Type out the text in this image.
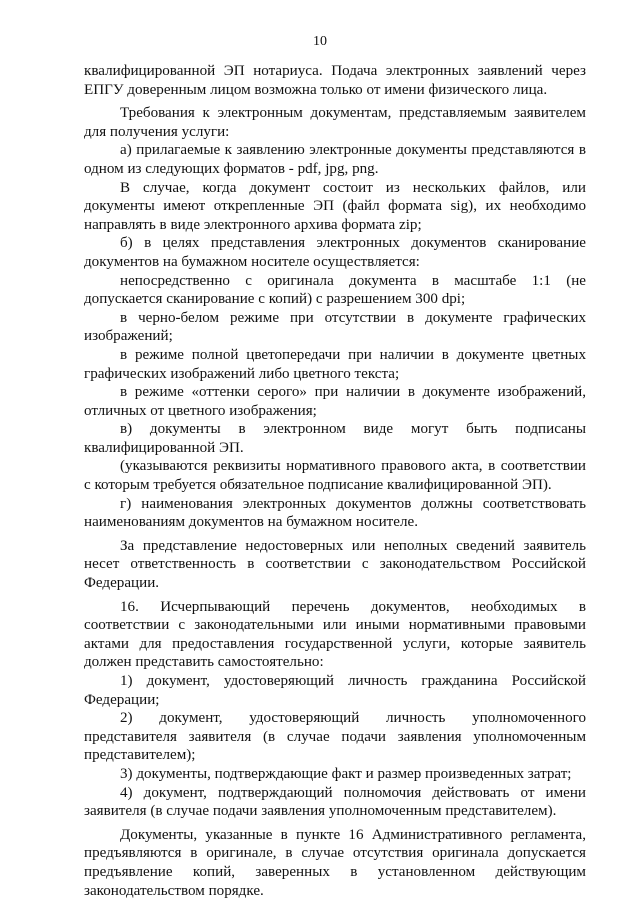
10

квалифицированной ЭП нотариуса. Подача электронных заявлений через ЕПГУ доверенным лицом возможна только от имени физического лица.

Требования к электронным документам, представляемым заявителем для получения услуги:

а) прилагаемые к заявлению электронные документы представляются в одном из следующих форматов - pdf, jpg, png.

В случае, когда документ состоит из нескольких файлов, или документы имеют открепленные ЭП (файл формата sig), их необходимо направлять в виде электронного архива формата zip;

б) в целях представления электронных документов сканирование документов на бумажном носителе осуществляется:

непосредственно с оригинала документа в масштабе 1:1 (не допускается сканирование с копий) с разрешением 300 dpi;

в черно-белом режиме при отсутствии в документе графических изображений;

в режиме полной цветопередачи при наличии в документе цветных графических изображений либо цветного текста;

в режиме «оттенки серого» при наличии в документе изображений, отличных от цветного изображения;

в) документы в электронном виде могут быть подписаны квалифицированной ЭП.

(указываются реквизиты нормативного правового акта, в соответствии с которым требуется обязательное подписание квалифицированной ЭП).

г) наименования электронных документов должны соответствовать наименованиям документов на бумажном носителе.

За представление недостоверных или неполных сведений заявитель несет ответственность в соответствии с законодательством Российской Федерации.

16. Исчерпывающий перечень документов, необходимых в соответствии с законодательными или иными нормативными правовыми актами для предоставления государственной услуги, которые заявитель должен представить самостоятельно:

1) документ, удостоверяющий личность гражданина Российской Федерации;

2) документ, удостоверяющий личность уполномоченного представителя заявителя (в случае подачи заявления уполномоченным представителем);

3) документы, подтверждающие факт и размер произведенных затрат;

4) документ, подтверждающий полномочия действовать от имени заявителя (в случае подачи заявления уполномоченным представителем).

Документы, указанные в пункте 16 Административного регламента, предъявляются в оригинале, в случае отсутствия оригинала допускается предъявление копий, заверенных в установленном действующим законодательством порядке.
